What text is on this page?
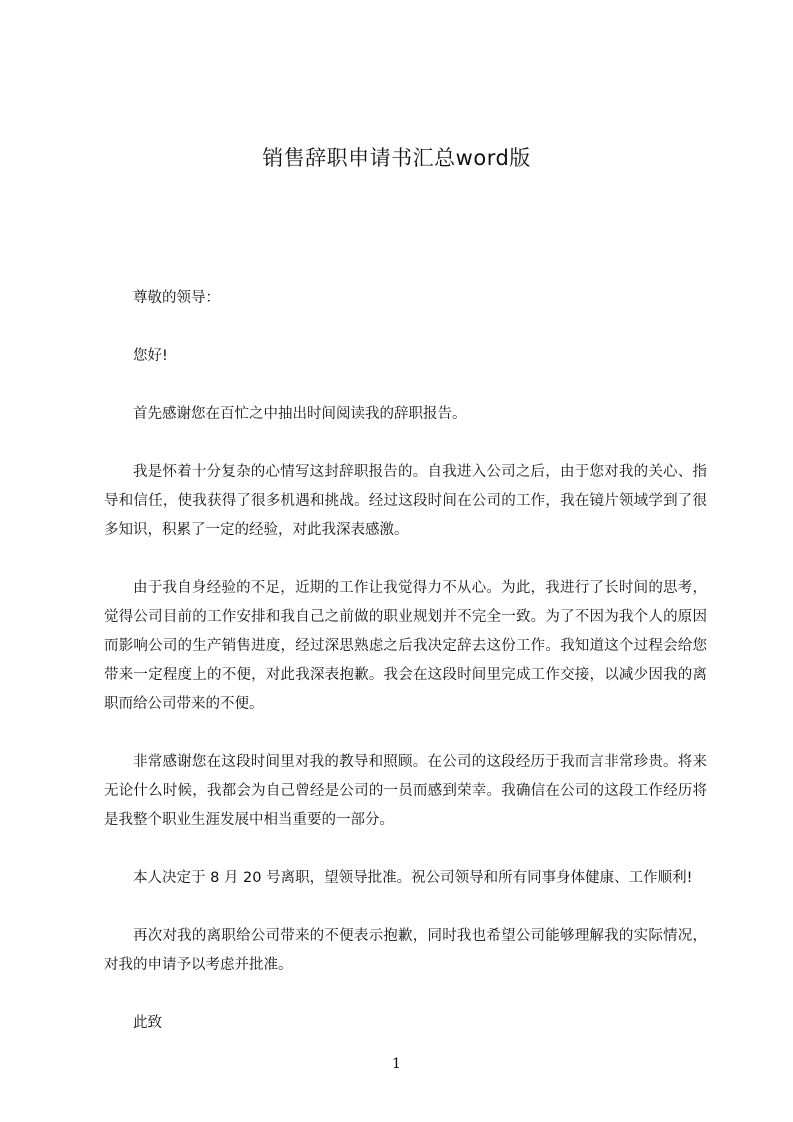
销售辞职申请书汇总word版

尊敬的领导：

您好!

首先感谢您在百忙之中抽出时间阅读我的辞职报告。

我是怀着十分复杂的心情写这封辞职报告的。自我进入公司之后，由于您对我的关心、指导和信任，使我获得了很多机遇和挑战。经过这段时间在公司的工作，我在镜片领域学到了很多知识，积累了一定的经验，对此我深表感激。

由于我自身经验的不足，近期的工作让我觉得力不从心。为此，我进行了长时间的思考，觉得公司目前的工作安排和我自己之前做的职业规划并不完全一致。为了不因为我个人的原因而影响公司的生产销售进度，经过深思熟虑之后我决定辞去这份工作。我知道这个过程会给您带来一定程度上的不便，对此我深表抱歉。我会在这段时间里完成工作交接，以减少因我的离职而给公司带来的不便。

非常感谢您在这段时间里对我的教导和照顾。在公司的这段经历于我而言非常珍贵。将来无论什么时候，我都会为自己曾经是公司的一员而感到荣幸。我确信在公司的这段工作经历将是我整个职业生涯发展中相当重要的一部分。

本人决定于 8 月 20 号离职，望领导批准。祝公司领导和所有同事身体健康、工作顺利!

再次对我的离职给公司带来的不便表示抱歉，同时我也希望公司能够理解我的实际情况，对我的申请予以考虑并批准。

此致

1
